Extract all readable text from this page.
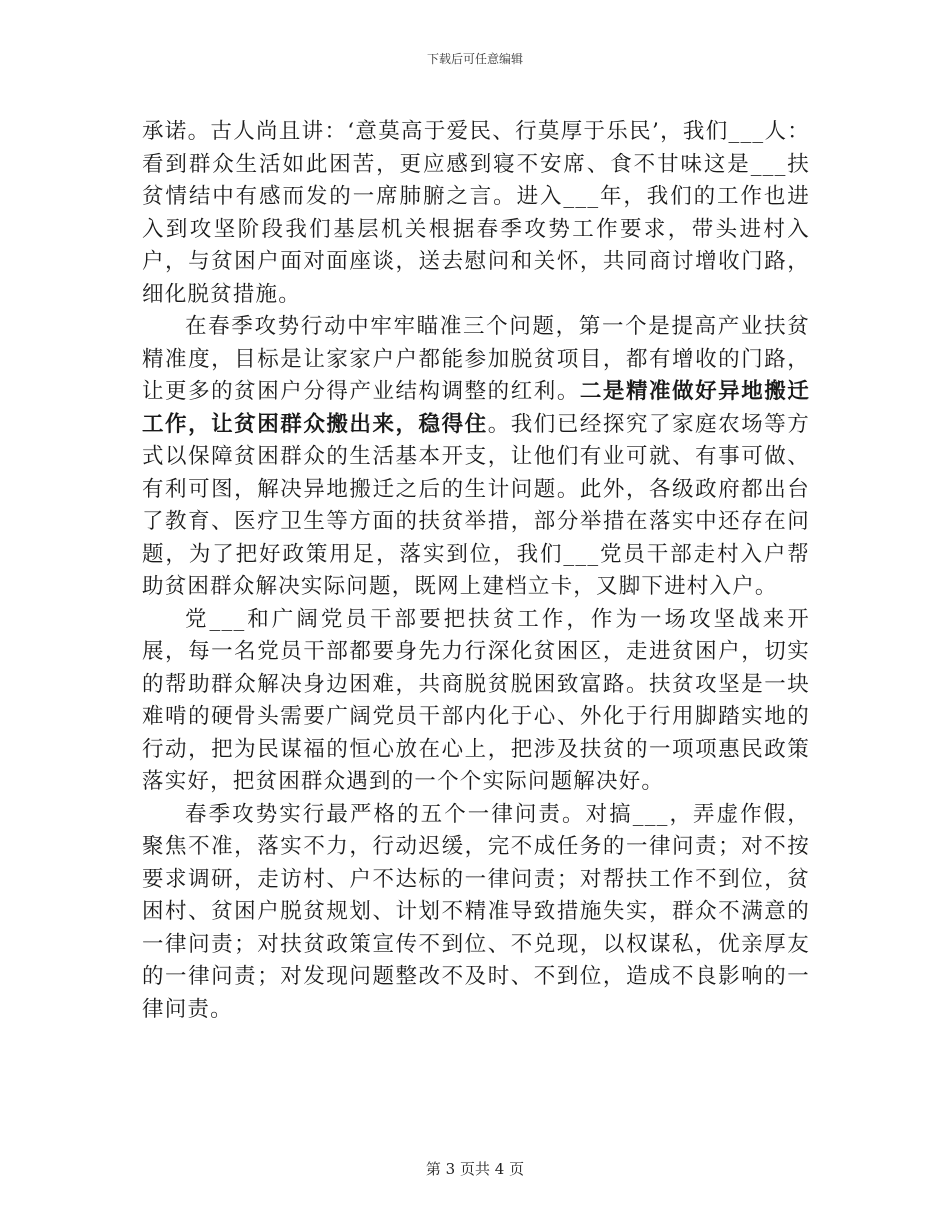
下载后可任意编辑

承诺。古人尚且讲：‘意莫高于爱民、行莫厚于乐民’，我们___人：看到群众生活如此困苦，更应感到寝不安席、食不甘味这是___扶贫情结中有感而发的一席肺腑之言。进入___年，我们的工作也进入到攻坚阶段我们基层机关根据春季攻势工作要求，带头进村入户，与贫困户面对面座谈，送去慰问和关怀，共同商讨增收门路，细化脱贫措施。

在春季攻势行动中牢牢瞄准三个问题，第一个是提高产业扶贫精准度，目标是让家家户户都能参加脱贫项目，都有增收的门路，让更多的贫困户分得产业结构调整的红利。二是精准做好异地搬迁工作，让贫困群众搬出来，稳得住。我们已经探究了家庭农场等方式以保障贫困群众的生活基本开支，让他们有业可就、有事可做、有利可图，解决异地搬迁之后的生计问题。此外，各级政府都出台了教育、医疗卫生等方面的扶贫举措，部分举措在落实中还存在问题，为了把好政策用足，落实到位，我们___党员干部走村入户帮助贫困群众解决实际问题，既网上建档立卡，又脚下进村入户。

党___和广阔党员干部要把扶贫工作，作为一场攻坚战来开展，每一名党员干部都要身先力行深化贫困区，走进贫困户，切实的帮助群众解决身边困难，共商脱贫脱困致富路。扶贫攻坚是一块难啃的硬骨头需要广阔党员干部内化于心、外化于行用脚踏实地的行动，把为民谋福的恒心放在心上，把涉及扶贫的一项项惠民政策落实好，把贫困群众遇到的一个个实际问题解决好。

春季攻势实行最严格的五个一律问责。对搞___，弄虚作假，聚焦不准，落实不力，行动迟缓，完不成任务的一律问责；对不按要求调研，走访村、户不达标的一律问责；对帮扶工作不到位，贫困村、贫困户脱贫规划、计划不精准导致措施失实，群众不满意的一律问责；对扶贫政策宣传不到位、不兑现，以权谋私，优亲厚友的一律问责；对发现问题整改不及时、不到位，造成不良影响的一律问责。

第 3 页共 4 页
